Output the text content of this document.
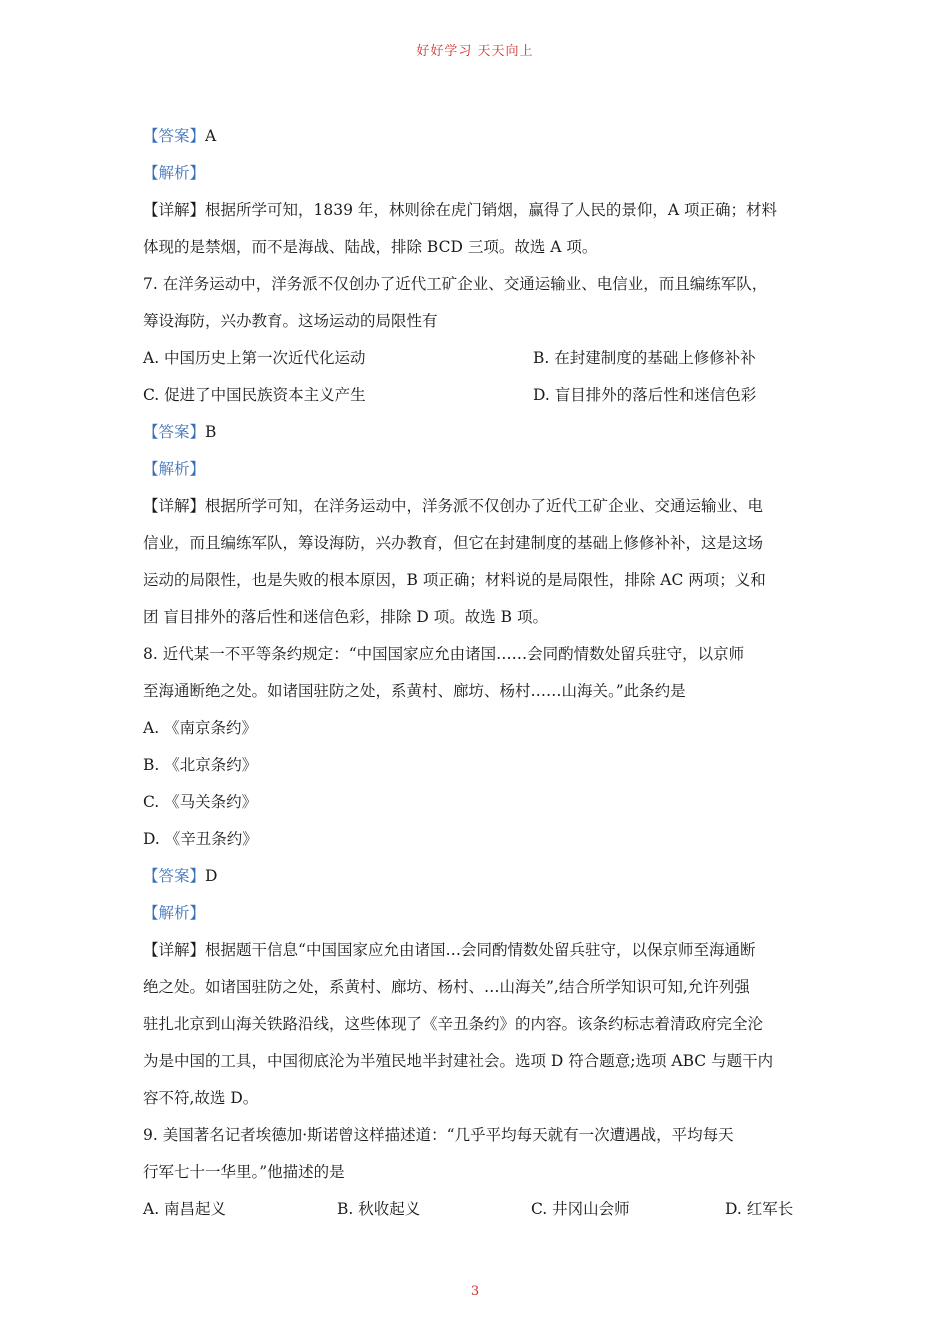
好好学习 天天向上
【答案】A
【解析】
【详解】根据所学可知，1839 年，林则徐在虎门销烟，赢得了人民的景仰，A 项正确；材料
体现的是禁烟，而不是海战、陆战，排除 BCD 三项。故选 A 项。
7. 在洋务运动中，洋务派不仅创办了近代工矿企业、交通运输业、电信业，而且编练军队，
筹设海防，兴办教育。这场运动的局限性有
A. 中国历史上第一次近代化运动	B. 在封建制度的基础上修修补补
C. 促进了中国民族资本主义产生	D. 盲目排外的落后性和迷信色彩
【答案】B
【解析】
【详解】根据所学可知，在洋务运动中，洋务派不仅创办了近代工矿企业、交通运输业、电
信业，而且编练军队，筹设海防，兴办教育，但它在封建制度的基础上修修补补，这是这场
运动的局限性，也是失败的根本原因，B 项正确；材料说的是局限性，排除 AC 两项；义和
团 盲目排外的落后性和迷信色彩，排除 D 项。故选 B 项。
8. 近代某一不平等条约规定：“中国国家应允由诸国……会同酌情数处留兵驻守，以京师
至海通断绝之处。如诸国驻防之处，系黄村、廊坊、杨村……山海关。”此条约是
A. 《南京条约》
B. 《北京条约》
C. 《马关条约》
D. 《辛丑条约》
【答案】D
【解析】
【详解】根据题干信息“中国国家应允由诸国…会同酌情数处留兵驻守，以保京师至海通断
绝之处。如诸国驻防之处，系黄村、廊坊、杨村、…山海关”,结合所学知识可知,允许列强
驻扎北京到山海关铁路沿线，这些体现了《辛丑条约》的内容。该条约标志着清政府完全沦
为是中国的工具，中国彻底沦为半殖民地半封建社会。选项 D 符合题意;选项 ABC 与题干内
容不符,故选 D。
9. 美国著名记者埃德加·斯诺曾这样描述道：“几乎平均每天就有一次遭遇战，平均每天
行军七十一华里。”他描述的是
A. 南昌起义	B. 秋收起义	C. 井冈山会师	D. 红军长
3
